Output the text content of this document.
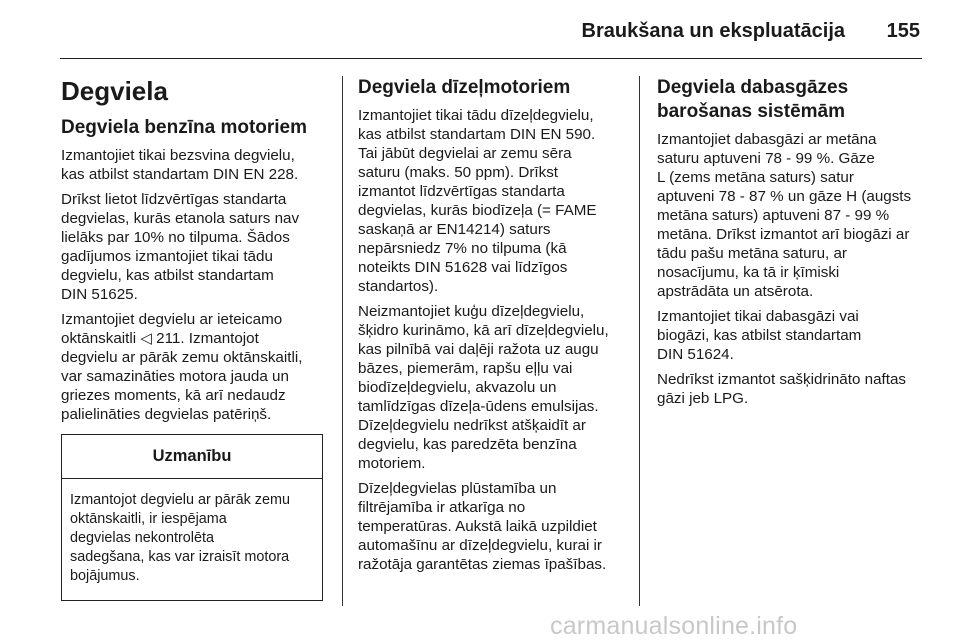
Braukšana un ekspluatācija 155
Degviela
Degviela benzīna motoriem

Izmantojiet tikai bezsvina degvielu,
kas atbilst standartam DIN EN 228.

Drīkst lietot līdzvērtīgas standarta
degvielas, kurās etanola saturs nav
lielāks par 10% no tilpuma. Šādos
gadījumos izmantojiet tikai tādu
degvielu, kas atbilst standartam
DIN 51625.

Izmantojiet degvielu ar ieteicamo
oktānskaitli ◁ 211. Izmantojot
degvielu ar pārāk zemu oktānskaitli,
var samazināties motora jauda un
griezes moments, kā arī nedaudz
palielināties degvielas patēriņš.

Uzmanību
Izmantojot degvielu ar pārāk zemu
oktānskaitli, ir iespējama
degvielas nekontrolēta
sadegšana, kas var izraisīt motora
bojājumus.
Degviela dīzeļmotoriem

Izmantojiet tikai tādu dīzeļdegvielu,
kas atbilst standartam DIN EN 590.
Tai jābūt degvielai ar zemu sēra
saturu (maks. 50 ppm). Drīkst
izmantot līdzvērtīgas standarta
degvielas, kurās biodīzeļa (= FAME
saskaņā ar EN14214) saturs
nepārsniedz 7% no tilpuma (kā
noteikts DIN 51628 vai līdzīgos
standartos).

Neizmantojiet kuģu dīzeļdegvielu,
šķidro kurināmo, kā arī dīzeļdegvielu,
kas pilnībā vai daļēji ražota uz augu
bāzes, piemerām, rapšu eļļu vai
biodīzeļdegvielu, akvazolu un
tamlīdzīgas dīzeļa-ūdens emulsijas.
Dīzeļdegvielu nedrīkst atšķaidīt ar
degvielu, kas paredzēta benzīna
motoriem.

Dīzeļdegvielas plūstamība un
filtrējamība ir atkarīga no
temperatūras. Aukstā laikā uzpildiet
automašīnu ar dīzeļdegvielu, kurai ir
ražotāja garantētas ziemas īpašības.

Degviela dabasgāzes
barošanas sistēmām

Izmantojiet dabasgāzi ar metāna
saturu aptuveni 78 - 99 %. Gāze
L (zems metāna saturs) satur
aptuveni 78 - 87 % un gāze H (augsts
metāna saturs) aptuveni 87 - 99 %
metāna. Drīkst izmantot arī biogāzi ar
tādu pašu metāna saturu, ar
nosacījumu, ka tā ir ķīmiski
apstrādāta un atsērota.

Izmantojiet tikai dabasgāzi vai
biogāzi, kas atbilst standartam
DIN 51624.

Nedrīkst izmantot sašķidrināto naftas
gāzi jeb LPG.

carmanualsonline.info
